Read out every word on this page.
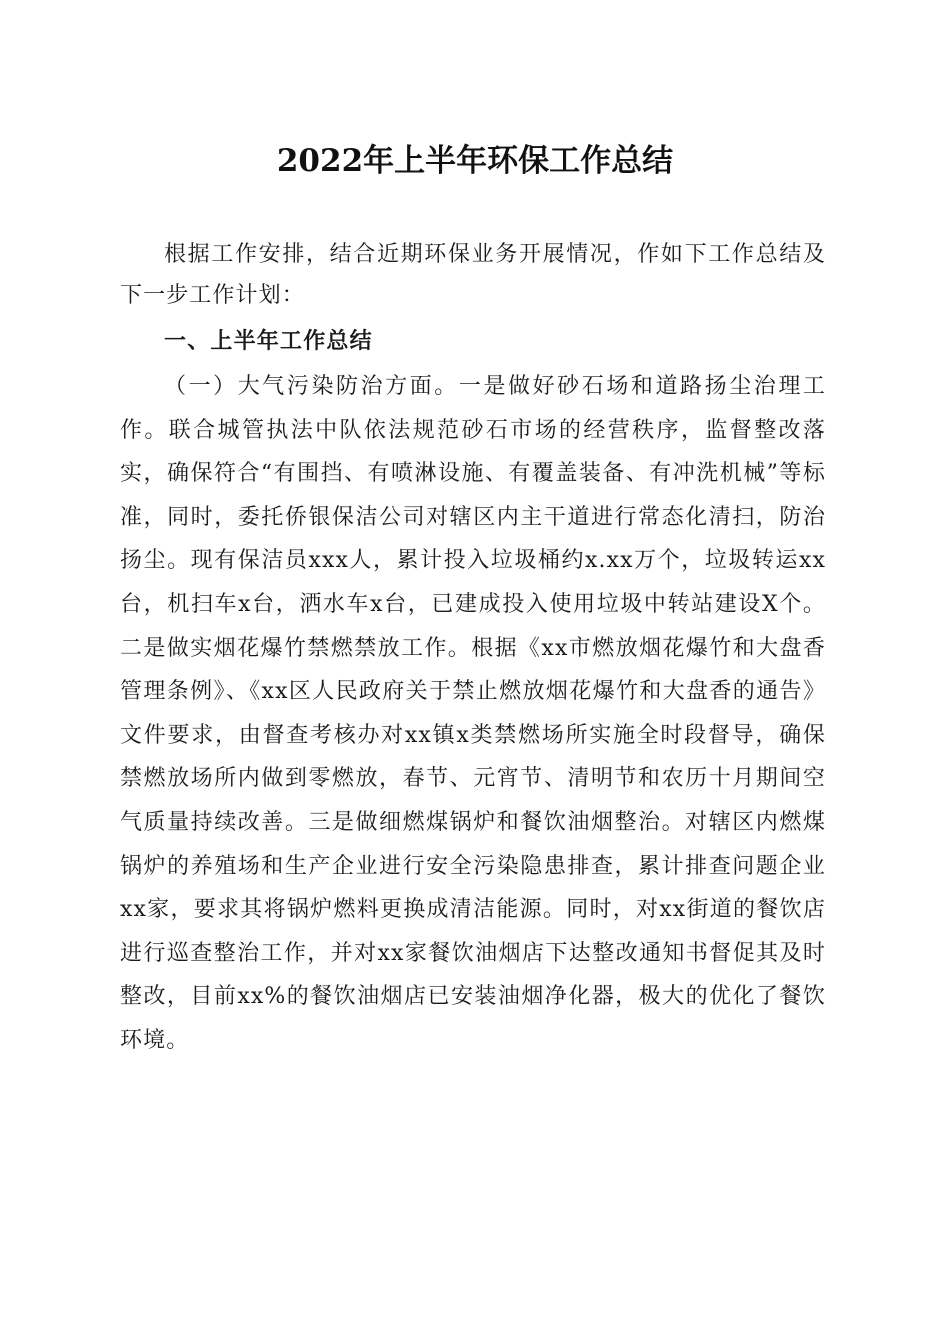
2022年上半年环保工作总结

根据工作安排，结合近期环保业务开展情况，作如下工作总结及下一步工作计划：

一、上半年工作总结

（一）大气污染防治方面。一是做好砂石场和道路扬尘治理工作。联合城管执法中队依法规范砂石市场的经营秩序，监督整改落实，确保符合“有围挡、有喷淋设施、有覆盖装备、有冲洗机械”等标准，同时，委托侨银保洁公司对辖区内主干道进行常态化清扫，防治扬尘。现有保洁员xxx人，累计投入垃圾桶约x.xx万个，垃圾转运xx台，机扫车x台，洒水车x台，已建成投入使用垃圾中转站建设X个。二是做实烟花爆竹禁燃禁放工作。根据《xx市燃放烟花爆竹和大盘香管理条例》、《xx区人民政府关于禁止燃放烟花爆竹和大盘香的通告》文件要求，由督查考核办对xx镇x类禁燃场所实施全时段督导，确保禁燃放场所内做到零燃放，春节、元宵节、清明节和农历十月期间空气质量持续改善。三是做细燃煤锅炉和餐饮油烟整治。对辖区内燃煤锅炉的养殖场和生产企业进行安全污染隐患排查，累计排查问题企业xx家，要求其将锅炉燃料更换成清洁能源。同时，对xx街道的餐饮店进行巡查整治工作，并对xx家餐饮油烟店下达整改通知书督促其及时整改，目前xx%的餐饮油烟店已安装油烟净化器，极大的优化了餐饮环境。
